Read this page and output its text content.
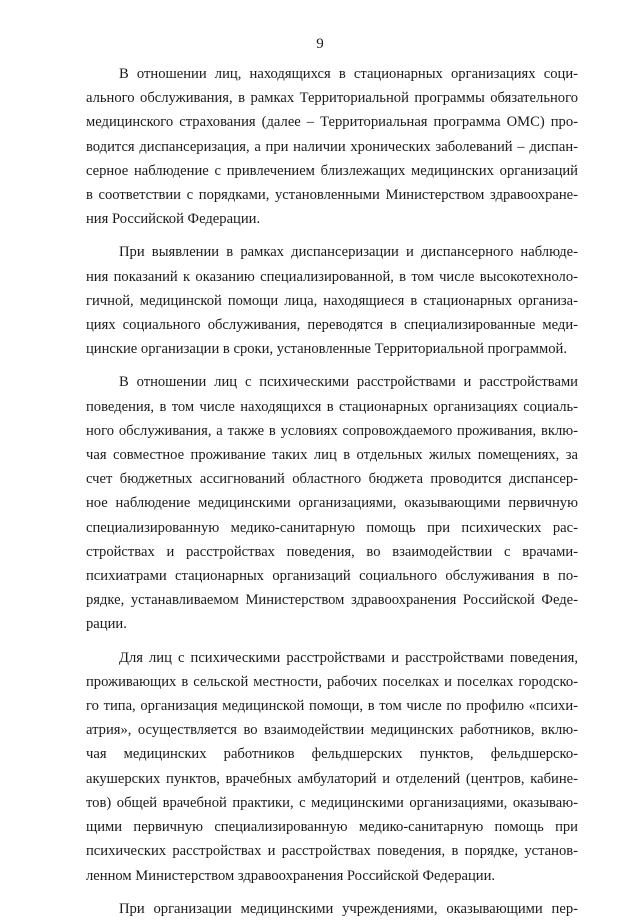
9

В отношении лиц, находящихся в стационарных организациях соци-
ального обслуживания, в рамках Территориальной программы обязательного
медицинского страхования (далее – Территориальная программа ОМС) про-
водится диспансеризация, а при наличии хронических заболеваний – диспан-
серное наблюдение с привлечением близлежащих медицинских организаций
в соответствии с порядками, установленными Министерством здравоохране-
ния Российской Федерации.

При выявлении в рамках диспансеризации и диспансерного наблюде-
ния показаний к оказанию специализированной, в том числе высокотехноло-
гичной, медицинской помощи лица, находящиеся в стационарных организа-
циях социального обслуживания, переводятся в специализированные меди-
цинские организации в сроки, установленные Территориальной программой.

В отношении лиц с психическими расстройствами и расстройствами
поведения, в том числе находящихся в стационарных организациях социаль-
ного обслуживания, а также в условиях сопровождаемого проживания, вклю-
чая совместное проживание таких лиц в отдельных жилых помещениях, за
счет бюджетных ассигнований областного бюджета проводится диспансер-
ное наблюдение медицинскими организациями, оказывающими первичную
специализированную медико-санитарную помощь при психических рас-
стройствах и расстройствах поведения, во взаимодействии с врачами-
психиатрами стационарных организаций социального обслуживания в по-
рядке, устанавливаемом Министерством здравоохранения Российской Феде-
рации.

Для лиц с психическими расстройствами и расстройствами поведения,
проживающих в сельской местности, рабочих поселках и поселках городско-
го типа, организация медицинской помощи, в том числе по профилю «психи-
атрия», осуществляется во взаимодействии медицинских работников, вклю-
чая медицинских работников фельдшерских пунктов, фельдшерско-
акушерских пунктов, врачебных амбулаторий и отделений (центров, кабине-
тов) общей врачебной практики, с медицинскими организациями, оказываю-
щими первичную специализированную медико-санитарную помощь при
психических расстройствах и расстройствах поведения, в порядке, установ-
ленном Министерством здравоохранения Российской Федерации.

При организации медицинскими учреждениями, оказывающими пер-
